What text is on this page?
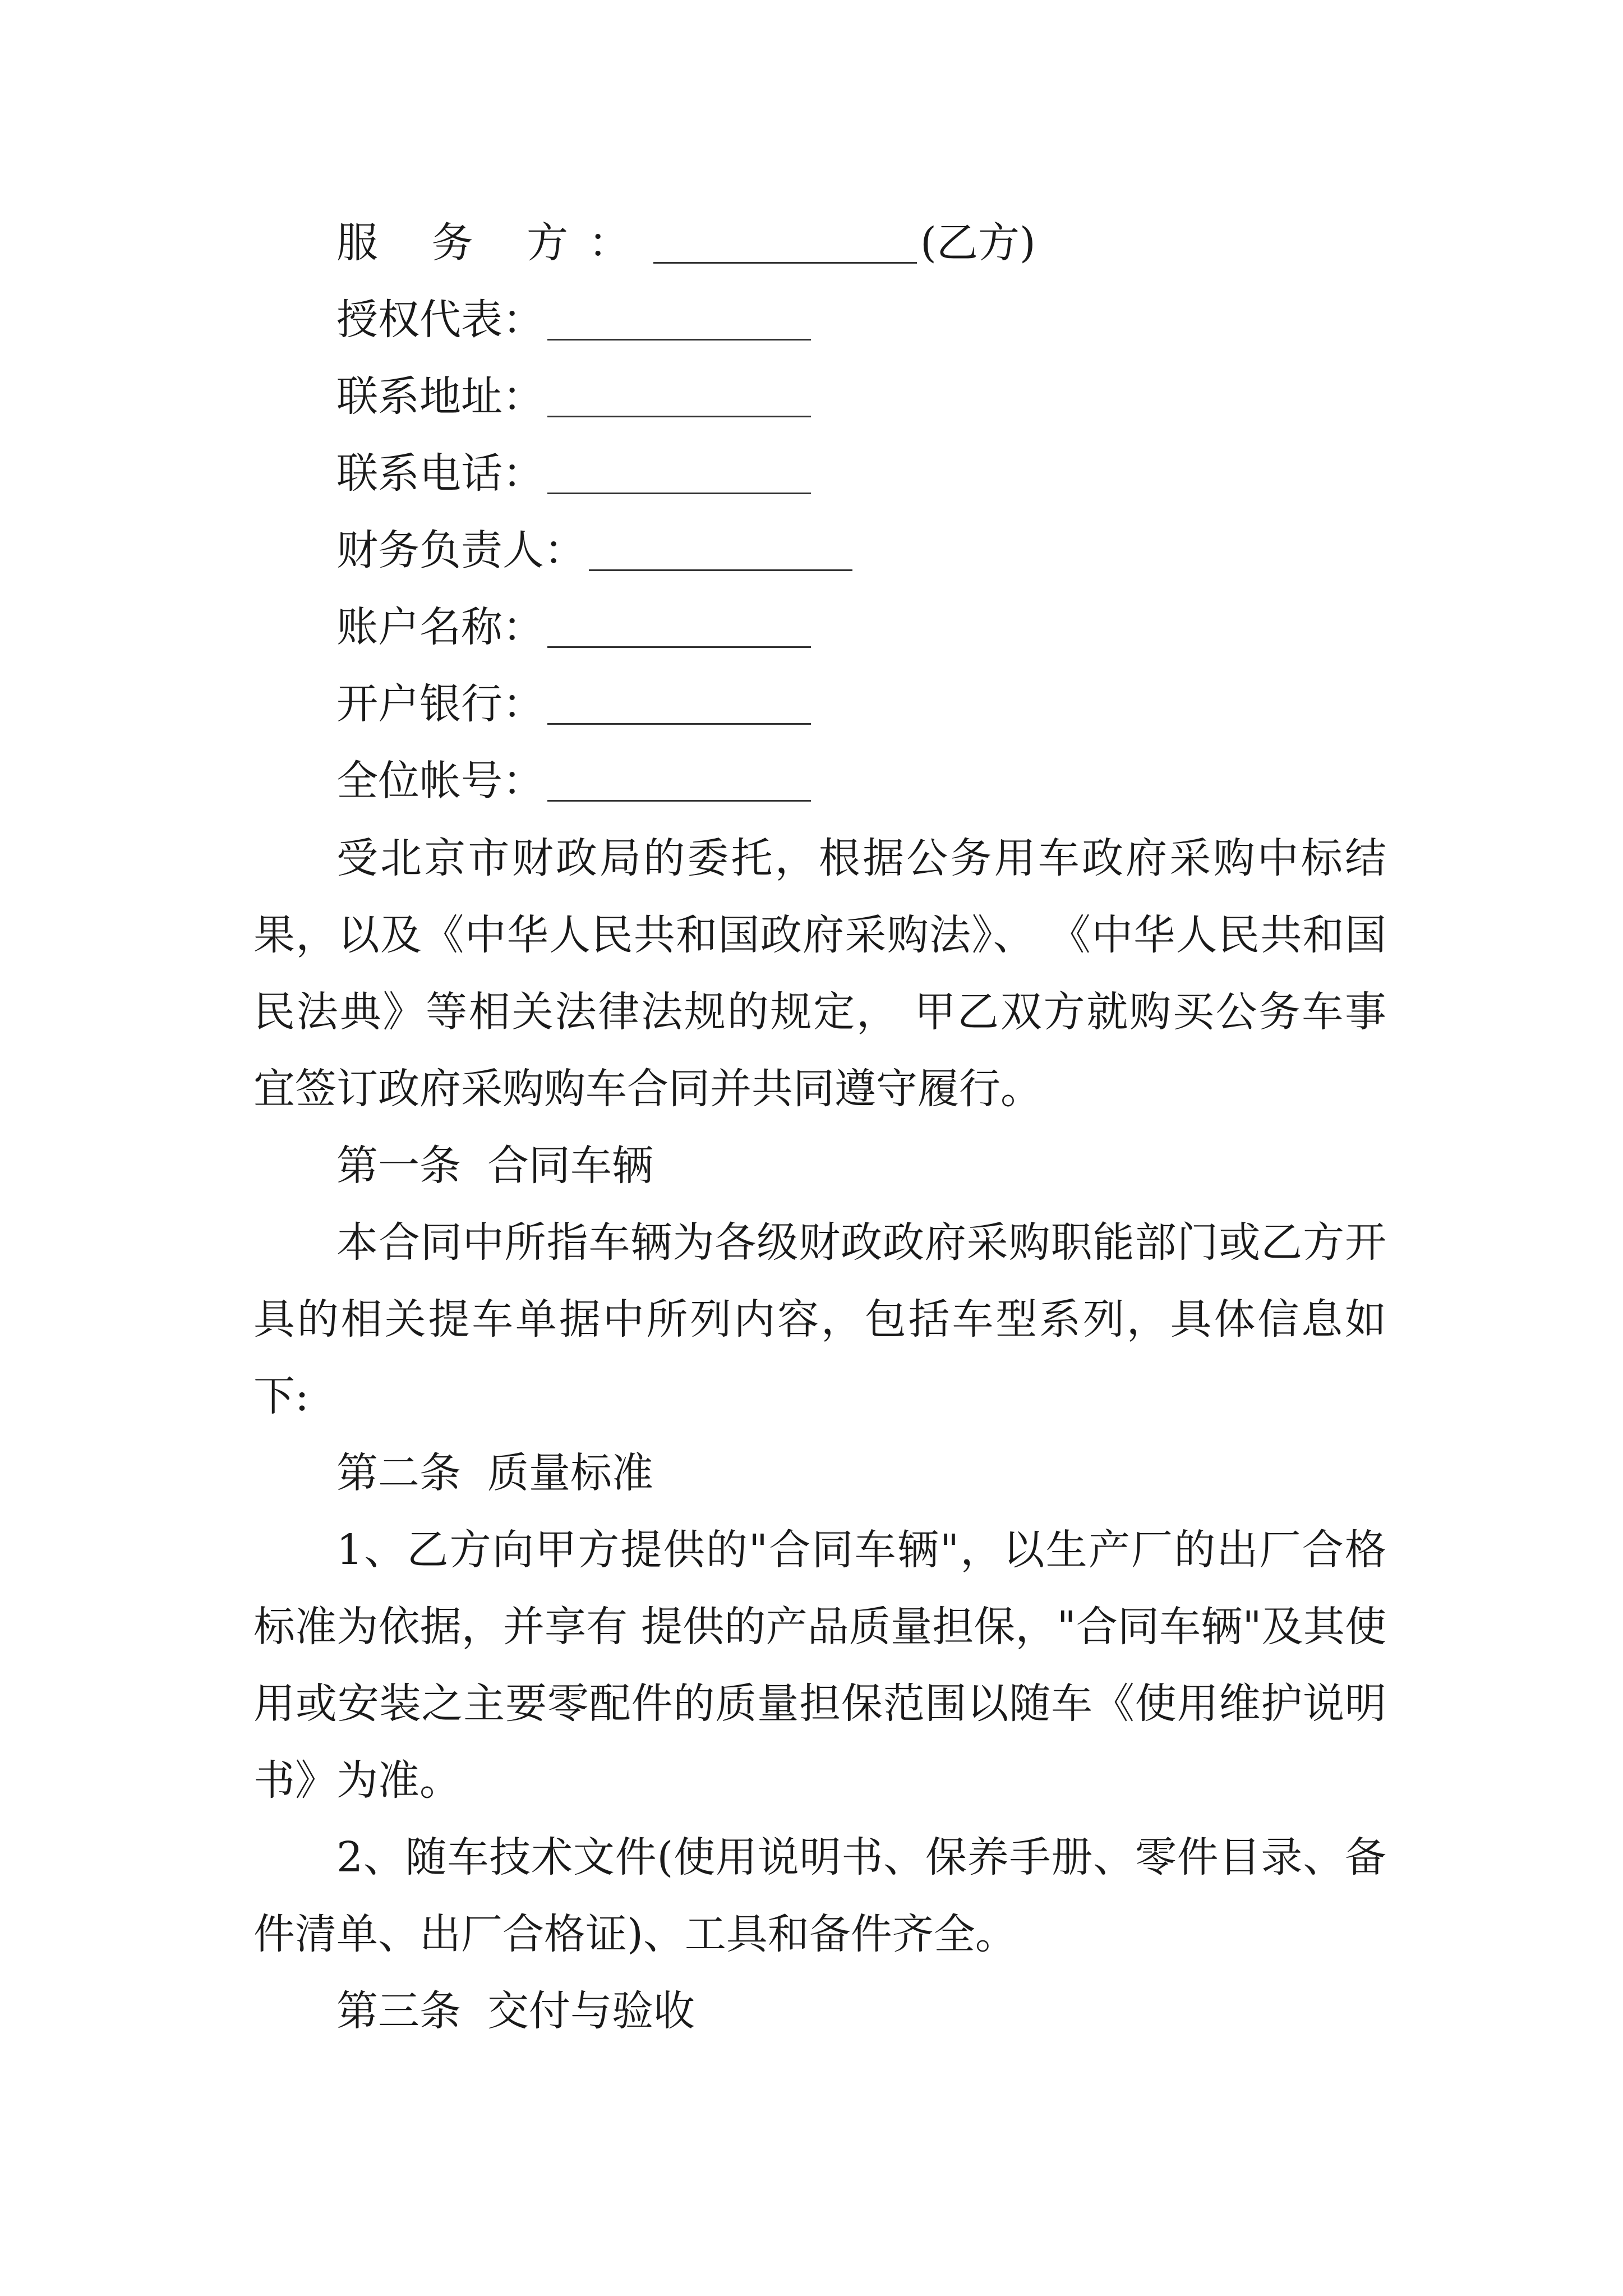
服 务 方：	(乙方)
授权代表：
联系地址：
联系电话：
财务负责人：
账户名称：
开户银行：
全位帐号：

受北京市财政局的委托，根据公务用车政府采购中标结果，以及《中华人民共和国政府采购法》、 《中华人民共和国民法典》等相关法律法规的规定， 甲乙双方就购买公务车事宜签订政府采购购车合同并共同遵守履行。

第一条  合同车辆

本合同中所指车辆为各级财政政府采购职能部门或乙方开具的相关提车单据中所列内容，包括车型系列，具体信息如下:

第二条  质量标准

1、乙方向甲方提供的"合同车辆"，以生产厂的出厂合格标准为依据，并享有 提供的产品质量担保，"合同车辆"及其使用或安装之主要零配件的质量担保范围以随车《使用维护说明书》为准。

2、随车技术文件(使用说明书、保养手册、零件目录、备件清单、出厂合格证)、工具和备件齐全。

第三条  交付与验收
